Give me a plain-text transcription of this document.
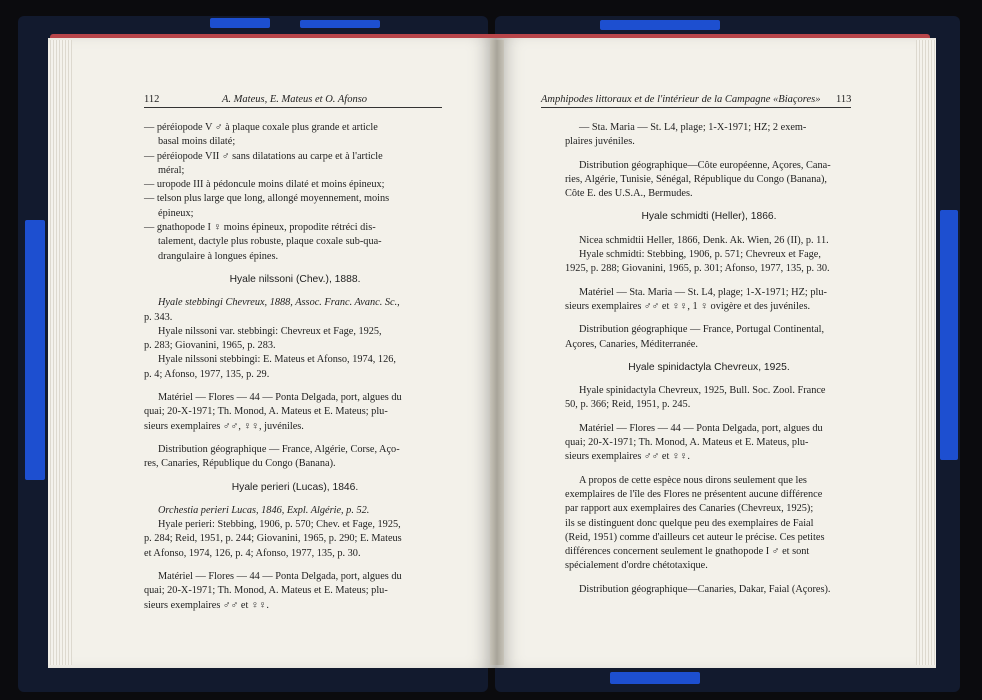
112	A. Mateus, E. Mateus et O. Afonso

— péréiopode V ♂ à plaque coxale plus grande et article

basal moins dilaté;

— péréiopode VII ♂ sans dilatations au carpe et à l'article

méral;

— uropode III à pédoncule moins dilaté et moins épineux;

— telson plus large que long, allongé moyennement, moins

épineux;

— gnathopode I ♀ moins épineux, propodite rétréci dis-

talement, dactyle plus robuste, plaque coxale sub-qua-

drangulaire à longues épines.

Hyale nilssoni (Chev.), 1888.

Hyale stebbingi Chevreux, 1888, Assoc. Franc. Avanc. Sc.,

p. 343.

Hyale nilssoni var. stebbingi: Chevreux et Fage, 1925,

p. 283; Giovanini, 1965, p. 283.

Hyale nilssoni stebbingi: E. Mateus et Afonso, 1974, 126,

p. 4; Afonso, 1977, 135, p. 29.

Matériel — Flores — 44 — Ponta Delgada, port, algues du

quai; 20-X-1971; Th. Monod, A. Mateus et E. Mateus; plu-

sieurs exemplaires ♂♂, ♀♀, juvéniles.

Distribution géographique — France, Algérie, Corse, Aço-

res, Canaries, République du Congo (Banana).

Hyale perieri (Lucas), 1846.

Orchestia perieri Lucas, 1846, Expl. Algérie, p. 52.

Hyale perieri: Stebbing, 1906, p. 570; Chev. et Fage, 1925,

p. 284; Reid, 1951, p. 244; Giovanini, 1965, p. 290; E. Mateus

et Afonso, 1974, 126, p. 4; Afonso, 1977, 135, p. 30.

Matériel — Flores — 44 — Ponta Delgada, port, algues du

quai; 20-X-1971; Th. Monod, A. Mateus et E. Mateus; plu-

sieurs exemplaires ♂♂ et ♀♀.

Amphipodes littoraux et de l'intérieur de la Campagne «Biaçores» 113

— Sta. Maria — St. L4, plage; 1-X-1971; HZ; 2 exem-

plaires juvéniles.

Distribution géographique—Côte européenne, Açores, Cana-

ries, Algérie, Tunisie, Sénégal, République du Congo (Banana),

Côte E. des U.S.A., Bermudes.

Hyale schmidti (Heller), 1866.

Nicea schmidtii Heller, 1866, Denk. Ak. Wien, 26 (II), p. 11.

Hyale schmidti: Stebbing, 1906, p. 571; Chevreux et Fage,

1925, p. 288; Giovanini, 1965, p. 301; Afonso, 1977, 135, p. 30.

Matériel — Sta. Maria — St. L4, plage; 1-X-1971; HZ; plu-

sieurs exemplaires ♂♂ et ♀♀, 1 ♀ ovigère et des juvéniles.

Distribution géographique — France, Portugal Continental,

Açores, Canaries, Méditerranée.

Hyale spinidactyla Chevreux, 1925.

Hyale spinidactyla Chevreux, 1925, Bull. Soc. Zool. France

50, p. 366; Reid, 1951, p. 245.

Matériel — Flores — 44 — Ponta Delgada, port, algues du

quai; 20-X-1971; Th. Monod, A. Mateus et E. Mateus, plu-

sieurs exemplaires ♂♂ et ♀♀.

A propos de cette espèce nous dirons seulement que les

exemplaires de l'île des Flores ne présentent aucune différence

par rapport aux exemplaires des Canaries (Chevreux, 1925);

ils se distinguent donc quelque peu des exemplaires de Faial

(Reid, 1951) comme d'ailleurs cet auteur le précise. Ces petites

différences concernent seulement le gnathopode I ♂ et sont

spécialement d'ordre chétotaxique.

Distribution géographique—Canaries, Dakar, Faial (Açores).
